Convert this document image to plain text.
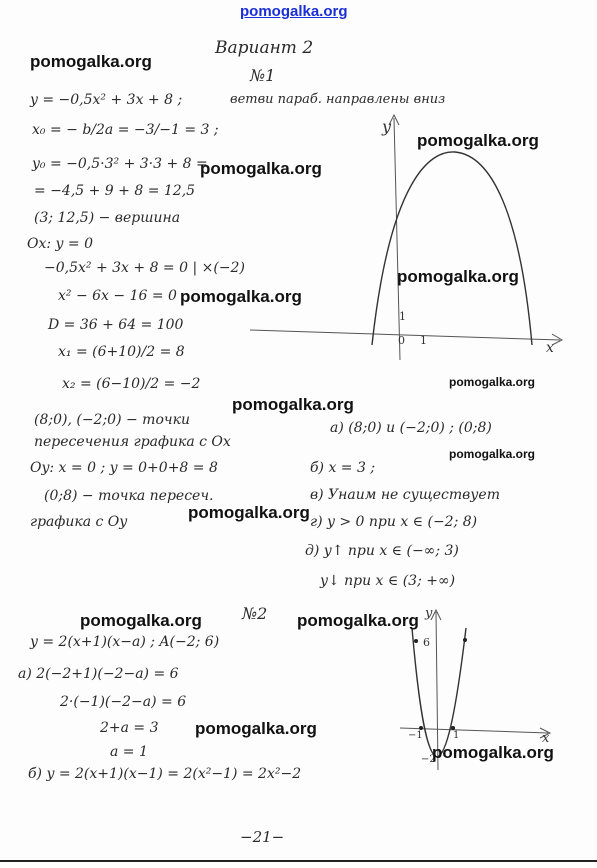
pomogalka.org
Вариант 2
№1
y = −0,5x² + 3x + 8 ;	ветви параб. направлены вниз
x₀ = − b/2a = −3/−1 = 3 ;
y₀ = −0,5·3² + 3·3 + 8 =
= −4,5 + 9 + 8 = 12,5
(3; 12,5) − вершина
Ox: y = 0
−0,5x² + 3x + 8 = 0 | ×(−2)
x² − 6x − 16 = 0
D = 36 + 64 = 100
x₁ = (6+10)/2 = 8
x₂ = (6−10)/2 = −2
(8;0), (−2;0) − точки
пересечения графика с Ox
Oy: x = 0 ; y = 0+0+8 = 8
(0;8) − точка пересеч.
графика с Oy
а) (8;0) и (−2;0) ; (0;8)
б) x = 3 ;
в) Унаим не существует
г) y > 0 при x ∈ (−2; 8)
д) y↑ при x ∈ (−∞; 3)
y↓ при x ∈ (3; +∞)
№2
y = 2(x+1)(x−a) ; A(−2; 6)
а) 2(−2+1)(−2−a) = 6
2·(−1)(−2−a) = 6
2+a = 3
a = 1
б) y = 2(x+1)(x−1) = 2(x²−1) = 2x²−2
y
x
0 1
1
y
x
6
−1	1
−2
pomogalka.org
pomogalka.org
pomogalka.org
pomogalka.org
pomogalka.org
pomogalka.org
pomogalka.org
pomogalka.org
pomogalka.org
pomogalka.org	pomogalka.org
pomogalka.org
pomogalka.org
−21−
